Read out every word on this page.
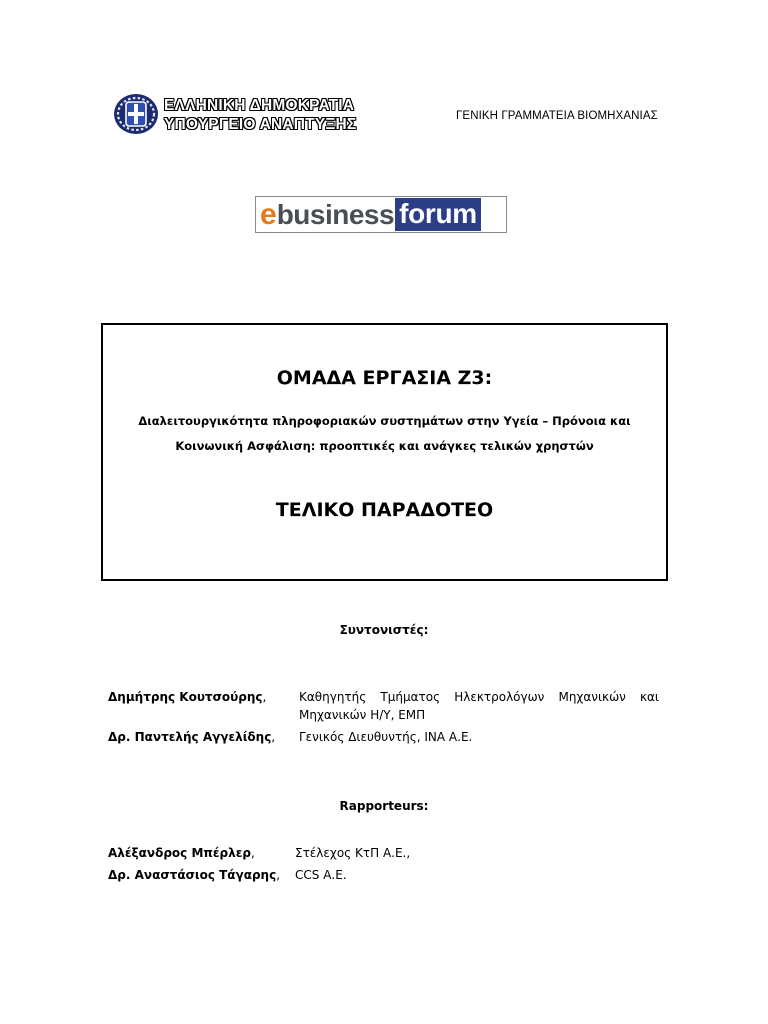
ΕΛΛΗΝΙΚΗ ΔΗΜΟΚΡΑΤΙΑ
ΥΠΟΥΡΓΕΙΟ ΑΝΑΠΤΥΞΗΣ	ΓΕΝΙΚΗ ΓΡΑΜΜΑΤΕΙΑ ΒΙΟΜΗΧΑΝΙΑΣ
e business forum
ΟΜΑΔΑ ΕΡΓΑΣΙΑ Ζ3:
Διαλειτουργικότητα πληροφοριακών συστημάτων στην Υγεία – Πρόνοια και
Κοινωνική Ασφάλιση: προοπτικές και ανάγκες τελικών χρηστών
ΤΕΛΙΚΟ ΠΑΡΑΔΟΤΕΟ
Συντονιστές:
Δημήτρης Κουτσούρης,	Καθηγητής Τμήματος Ηλεκτρολόγων Μηχανικών και
Μηχανικών Η/Υ, ΕΜΠ
Δρ. Παντελής Αγγελίδης, Γενικός Διευθυντής, ΙΝΑ Α.Ε.
Rapporteurs:
Αλέξανδρος Μπέρλερ,	Στέλεχος ΚτΠ Α.Ε.,
Δρ. Αναστάσιος Τάγαρης, CCS Α.Ε.
